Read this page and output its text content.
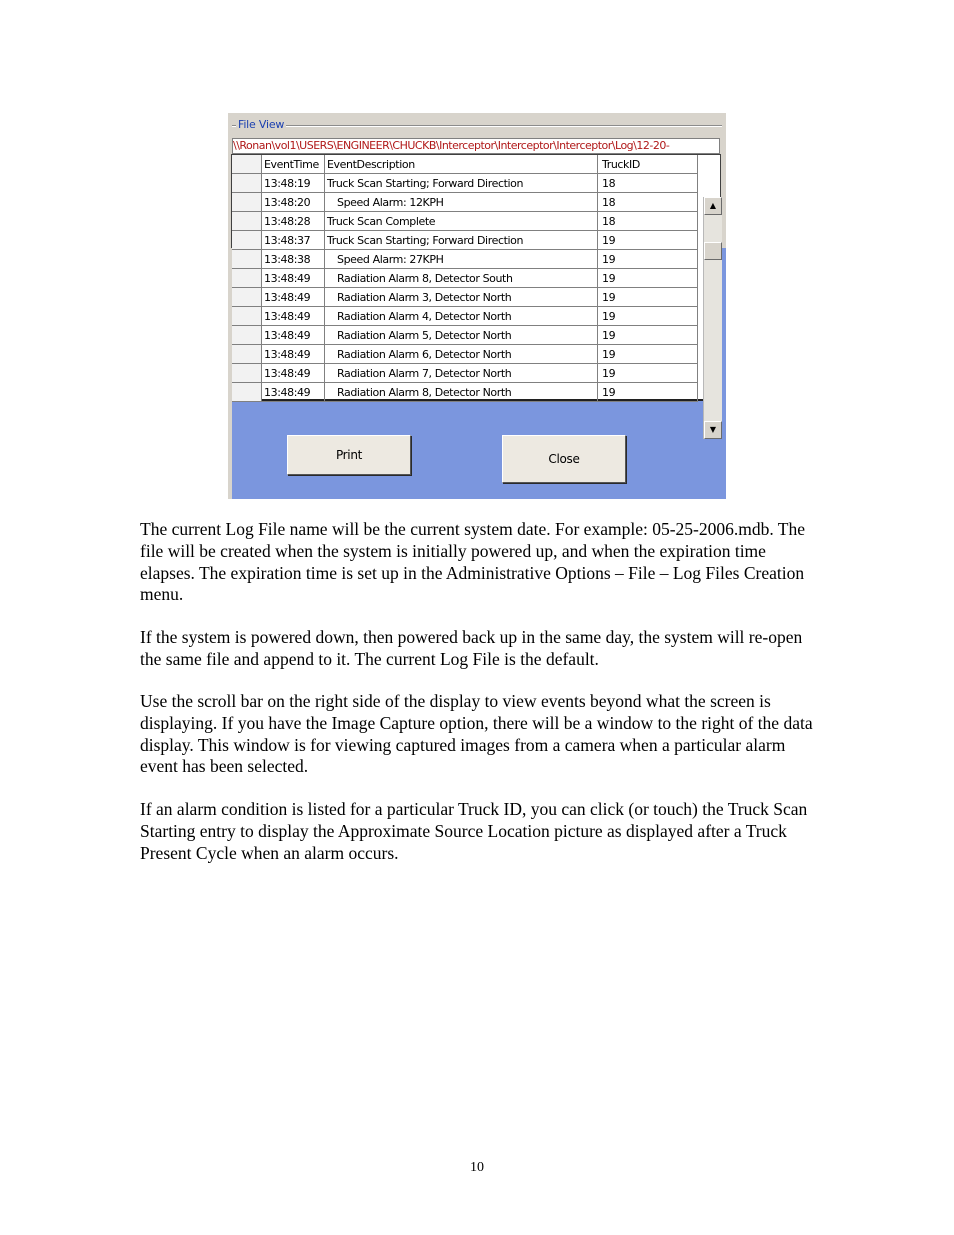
File View
\\Ronan\vol1\USERS\ENGINEER\CHUCKB\Interceptor\Interceptor\Interceptor\Log\12-20-
	EventTime	EventDescription	TruckID
	13:48:19	Truck Scan Starting; Forward Direction	18
	13:48:20	Speed Alarm: 12KPH	18
	13:48:28	Truck Scan Complete	18
	13:48:37	Truck Scan Starting; Forward Direction	19
	13:48:38	Speed Alarm: 27KPH	19
	13:48:49	Radiation Alarm 8, Detector South	19
	13:48:49	Radiation Alarm 3, Detector North	19
	13:48:49	Radiation Alarm 4, Detector North	19
	13:48:49	Radiation Alarm 5, Detector North	19
	13:48:49	Radiation Alarm 6, Detector North	19
	13:48:49	Radiation Alarm 7, Detector North	19
	13:48:49	Radiation Alarm 8, Detector North	19
▲
▼
Print	Close

The current Log File name will be the current system date. For example: 05-25-2006.mdb. The file will be created when the system is initially powered up, and when the expiration time elapses. The expiration time is set up in the Administrative Options – File – Log Files Creation menu.

If the system is powered down, then powered back up in the same day, the system will re-open the same file and append to it. The current Log File is the default.

Use the scroll bar on the right side of the display to view events beyond what the screen is displaying. If you have the Image Capture option, there will be a window to the right of the data display. This window is for viewing captured images from a camera when a particular alarm event has been selected.

If an alarm condition is listed for a particular Truck ID, you can click (or touch) the Truck Scan Starting entry to display the Approximate Source Location picture as displayed after a Truck Present Cycle when an alarm occurs.

10
